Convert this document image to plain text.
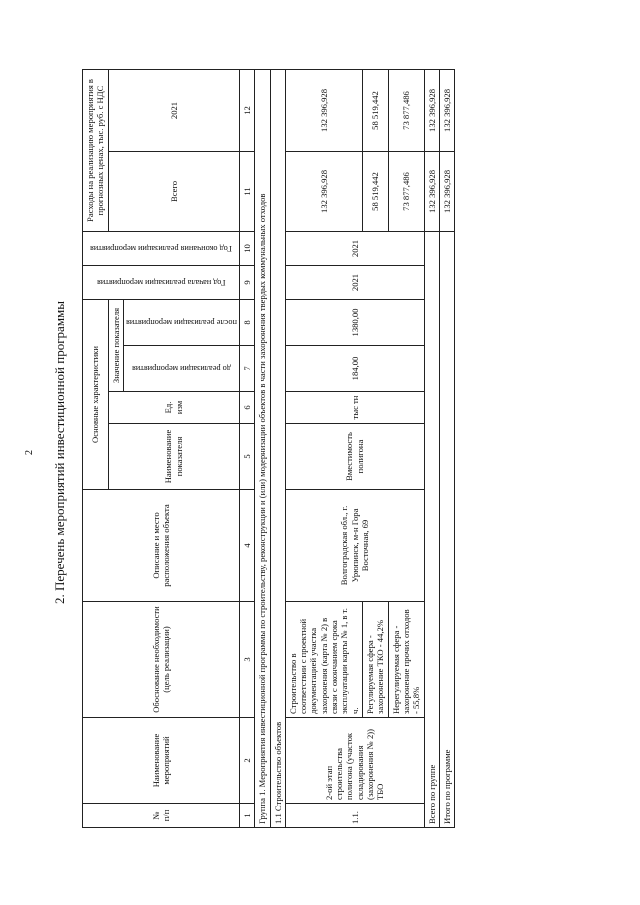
2 2. Перечень мероприятий инвестиционной программы
№ п/п	Наименование мероприятий	Обоснование необходимости (цель реализации)	Описание и место расположения объекта	Основные характеристики				Год начала реализации мероприятия	Год окончания реализации мероприятия	Расходы на реализацию мероприятия в прогнозных ценах, тыс. руб. с НДС	
				Наименование показателя	Ед. изм	Значение показателя				Всего	2021

						до реализации мероприятия	после реализации мероприятия				

1	2	3	4	5	6	7	8	9	10	11	12
Группа 1. Мероприятия инвестиционной программы по строительству, реконструкции и (или) модернизации объектов в части захоронения твердых коммунальных отходов											
1.1 Строительство объектов											
1.1.	2-ой этап строительства полигона (участок складирования (захоронения № 2)) ТБО	Строительство в соответствии с проектной документацией участка захоронения (карта № 2) в связи с окончанием срока эксплуатации карты № 1, в т. ч.	Волгоградская обл., г. Урюпинск, м-н Гора Восточная, 69	Вместимость полигона	тыс тн	184,00	1380,00	2021	2021	132 396,928	132 396,928
		Регулируемая сфера - захоронение ТКО - 44,2%								58 519,442	58 519,442
		Нерегулируемая сфера - захоронение прочих отходов - 55,8%								73 877,486	73 877,486
Всего по группе										132 396,928	132 396,928
Итого по программе										132 396,928	132 396,928
